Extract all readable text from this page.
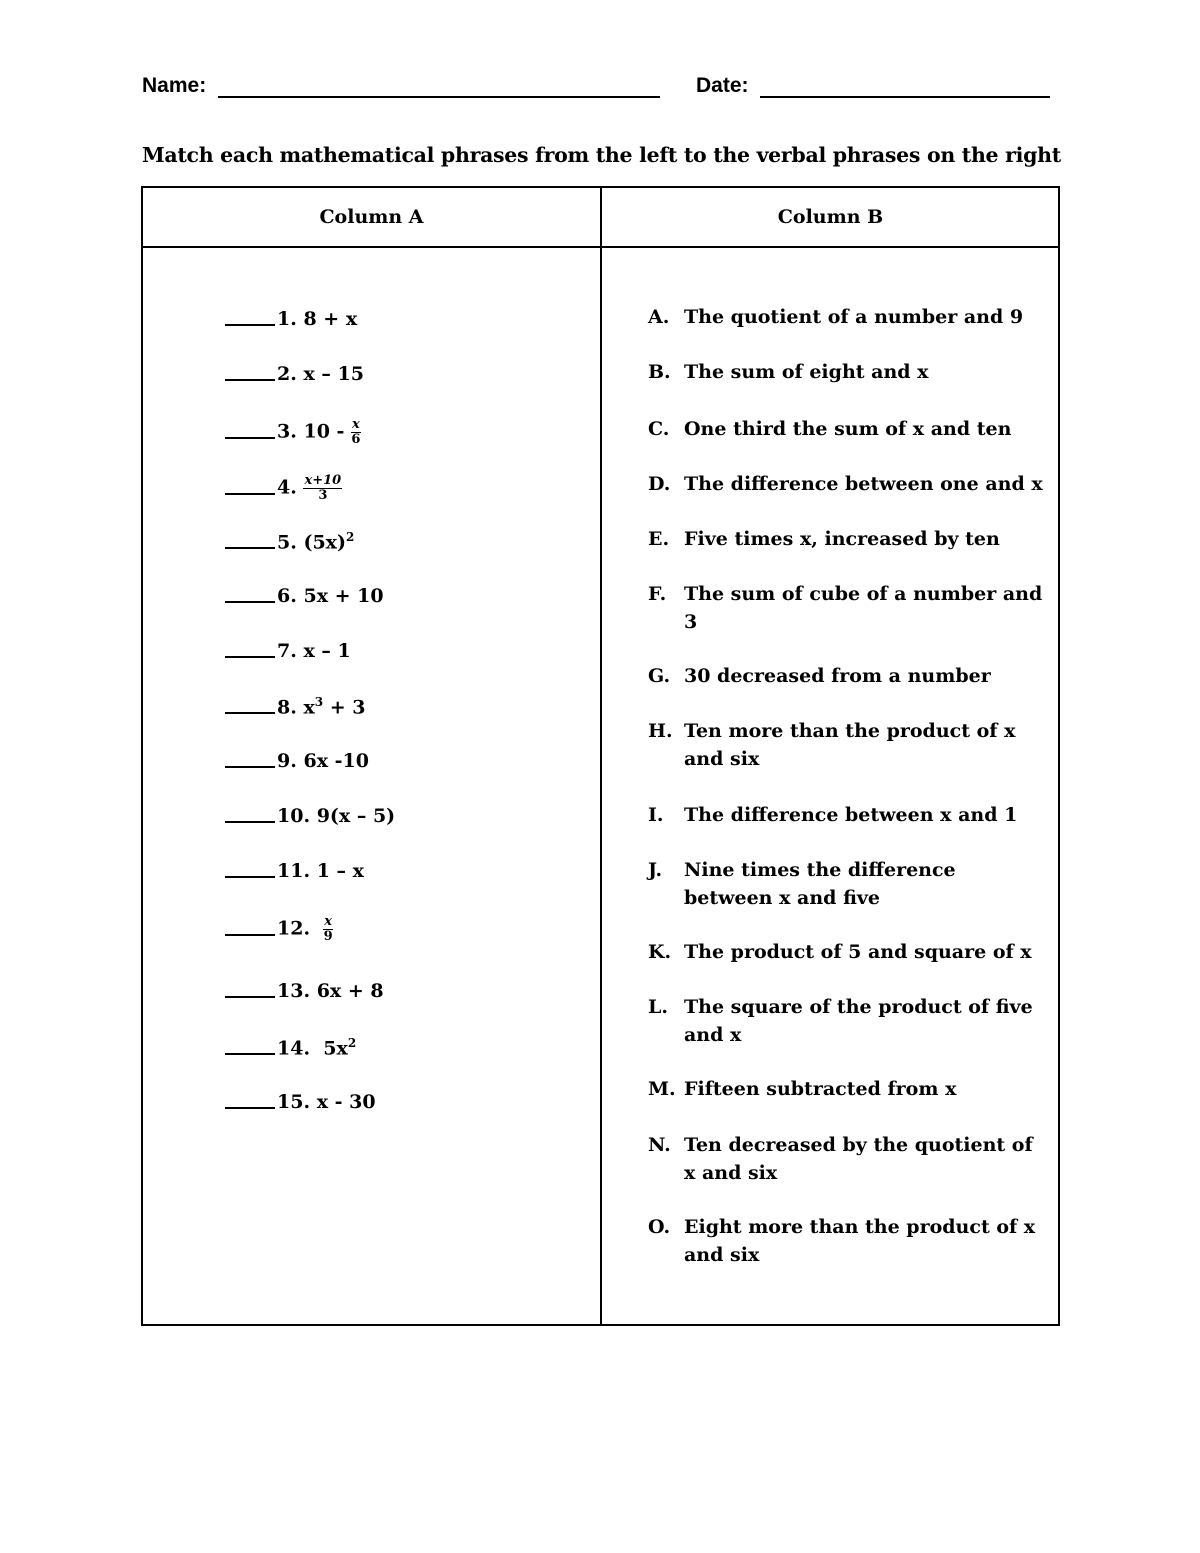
Name:	Date:
Match each mathematical phrases from the left to the verbal phrases on the right
Column A	Column B
1. 8 + x
2. x – 15
3. $10 - \frac{x}{6}$
4. $\frac{x+10}{3}$
5. $(5x)^2$
6. 5x + 10
7. x – 1
8. $x^3 + 3$
9. 6x -10
10. 9(x – 5)
11. 1 – x
12. $\frac{x}{9}$
13. 6x + 8
14. $5x^2$
15. x - 30
A. The quotient of a number and 9
B. The sum of eight and x
C. One third the sum of x and ten
D. The difference between one and x
E. Five times x, increased by ten
F. The sum of cube of a number and 3
G. 30 decreased from a number
H. Ten more than the product of x and six
I.	The difference between x and 1
J.	Nine times the difference between x and five
K. The product of 5 and square of x
L. The square of the product of five and x
M. Fifteen subtracted from x
N. Ten decreased by the quotient of x and six
O. Eight more than the product of x and six
